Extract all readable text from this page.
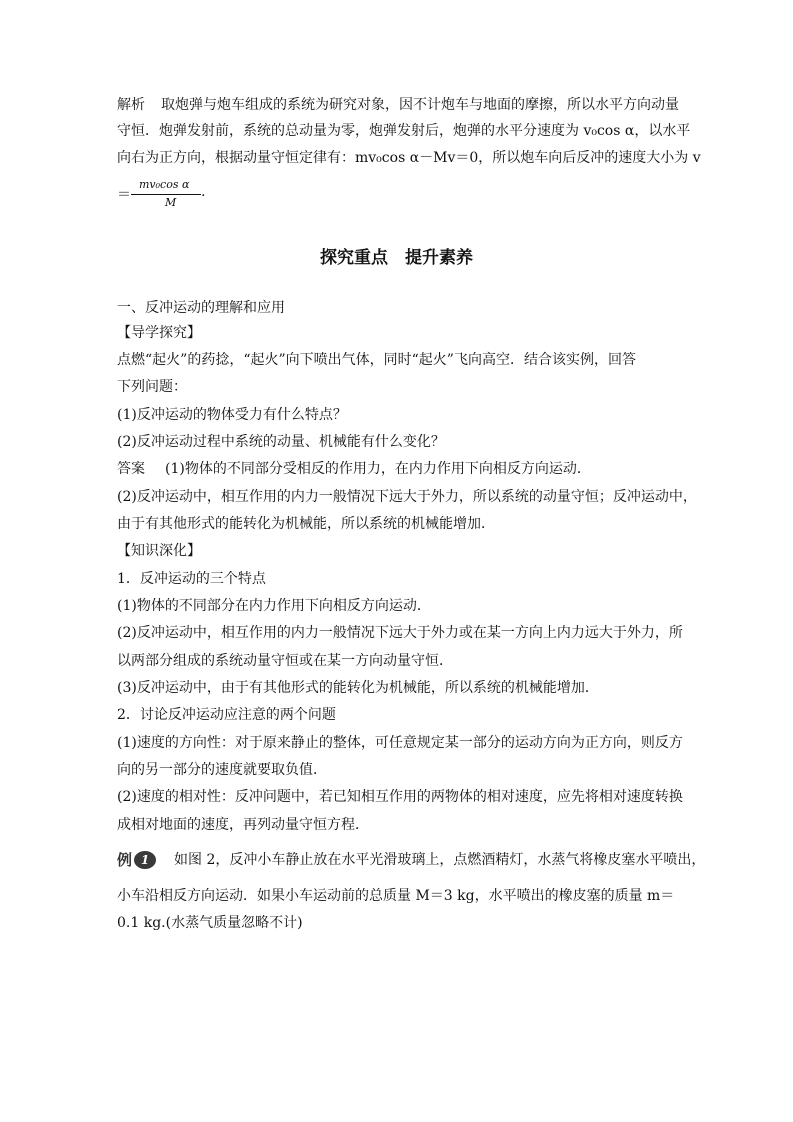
解析 取炮弹与炮车组成的系统为研究对象，因不计炮车与地面的摩擦，所以水平方向动量
守恒．炮弹发射前，系统的总动量为零，炮弹发射后，炮弹的水平分速度为 v₀cos α，以水平
向右为正方向，根据动量守恒定律有：mv₀cos α－Mv＝0，所以炮车向后反冲的速度大小为 v
＝
mv₀cos α
M
.
探究重点　提升素养
一、反冲运动的理解和应用
【导学探究】
点燃“起火”的药捻，“起火”向下喷出气体，同时“起火”飞向高空．结合该实例，回答
下列问题：
(1)反冲运动的物体受力有什么特点？
(2)反冲运动过程中系统的动量、机械能有什么变化？
答案 (1)物体的不同部分受相反的作用力，在内力作用下向相反方向运动．
(2)反冲运动中，相互作用的内力一般情况下远大于外力，所以系统的动量守恒；反冲运动中，
由于有其他形式的能转化为机械能，所以系统的机械能增加．
【知识深化】
1．反冲运动的三个特点
(1)物体的不同部分在内力作用下向相反方向运动．
(2)反冲运动中，相互作用的内力一般情况下远大于外力或在某一方向上内力远大于外力，所
以两部分组成的系统动量守恒或在某一方向动量守恒．
(3)反冲运动中，由于有其他形式的能转化为机械能，所以系统的机械能增加．
2．讨论反冲运动应注意的两个问题
(1)速度的方向性：对于原来静止的整体，可任意规定某一部分的运动方向为正方向，则反方
向的另一部分的速度就要取负值．
(2)速度的相对性：反冲问题中，若已知相互作用的两物体的相对速度，应先将相对速度转换
成相对地面的速度，再列动量守恒方程．
例 1	如图 2，反冲小车静止放在水平光滑玻璃上，点燃酒精灯，水蒸气将橡皮塞水平喷出，
小车沿相反方向运动．如果小车运动前的总质量 M＝3 kg，水平喷出的橡皮塞的质量 m＝
0.1 kg.(水蒸气质量忽略不计)
